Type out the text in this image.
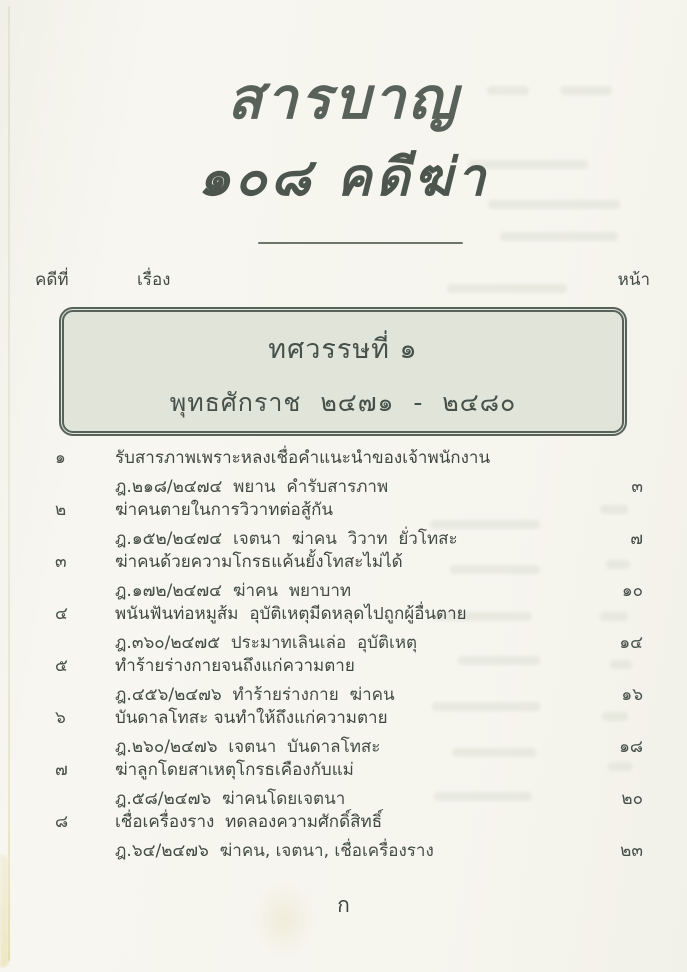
สารบาญ
๑๐๘ คดีฆ่า
คดีที่	เรื่อง	หน้า
ทศวรรษที่ ๑
พุทธศักราช ๒๔๗๑ - ๒๔๘๐
๑	รับสารภาพเพราะหลงเชื่อคำแนะนำของเจ้าพนักงาน
ฎ.๒๑๘/๒๔๗๔  พยาน  คำรับสารภาพ	๓
๒	ฆ่าคนตายในการวิวาทต่อสู้กัน
ฎ.๑๕๒/๒๔๗๔  เจตนา  ฆ่าคน  วิวาท  ยั่วโทสะ	๗
๓	ฆ่าคนด้วยความโกรธแค้นยั้งโทสะไม่ได้
ฎ.๑๗๒/๒๔๗๔  ฆ่าคน  พยาบาท	๑๐
๔	พนันฟันท่อหมูส้ม  อุบัติเหตุมีดหลุดไปถูกผู้อื่นตาย
ฎ.๓๖๐/๒๔๗๕  ประมาทเลินเล่อ  อุบัติเหตุ	๑๔
๕	ทำร้ายร่างกายจนถึงแก่ความตาย
ฎ.๔๕๖/๒๔๗๖  ทำร้ายร่างกาย  ฆ่าคน	๑๖
๖	บันดาลโทสะ จนทำให้ถึงแก่ความตาย
ฎ.๒๖๐/๒๔๗๖  เจตนา  บันดาลโทสะ	๑๘
๗	ฆ่าลูกโดยสาเหตุโกรธเคืองกับแม่
ฎ.๕๘/๒๔๗๖  ฆ่าคนโดยเจตนา	๒๐
๘	เชื่อเครื่องราง  ทดลองความศักดิ์สิทธิ์
ฎ.๖๔/๒๔๗๖  ฆ่าคน, เจตนา, เชื่อเครื่องราง	๒๓
ก
